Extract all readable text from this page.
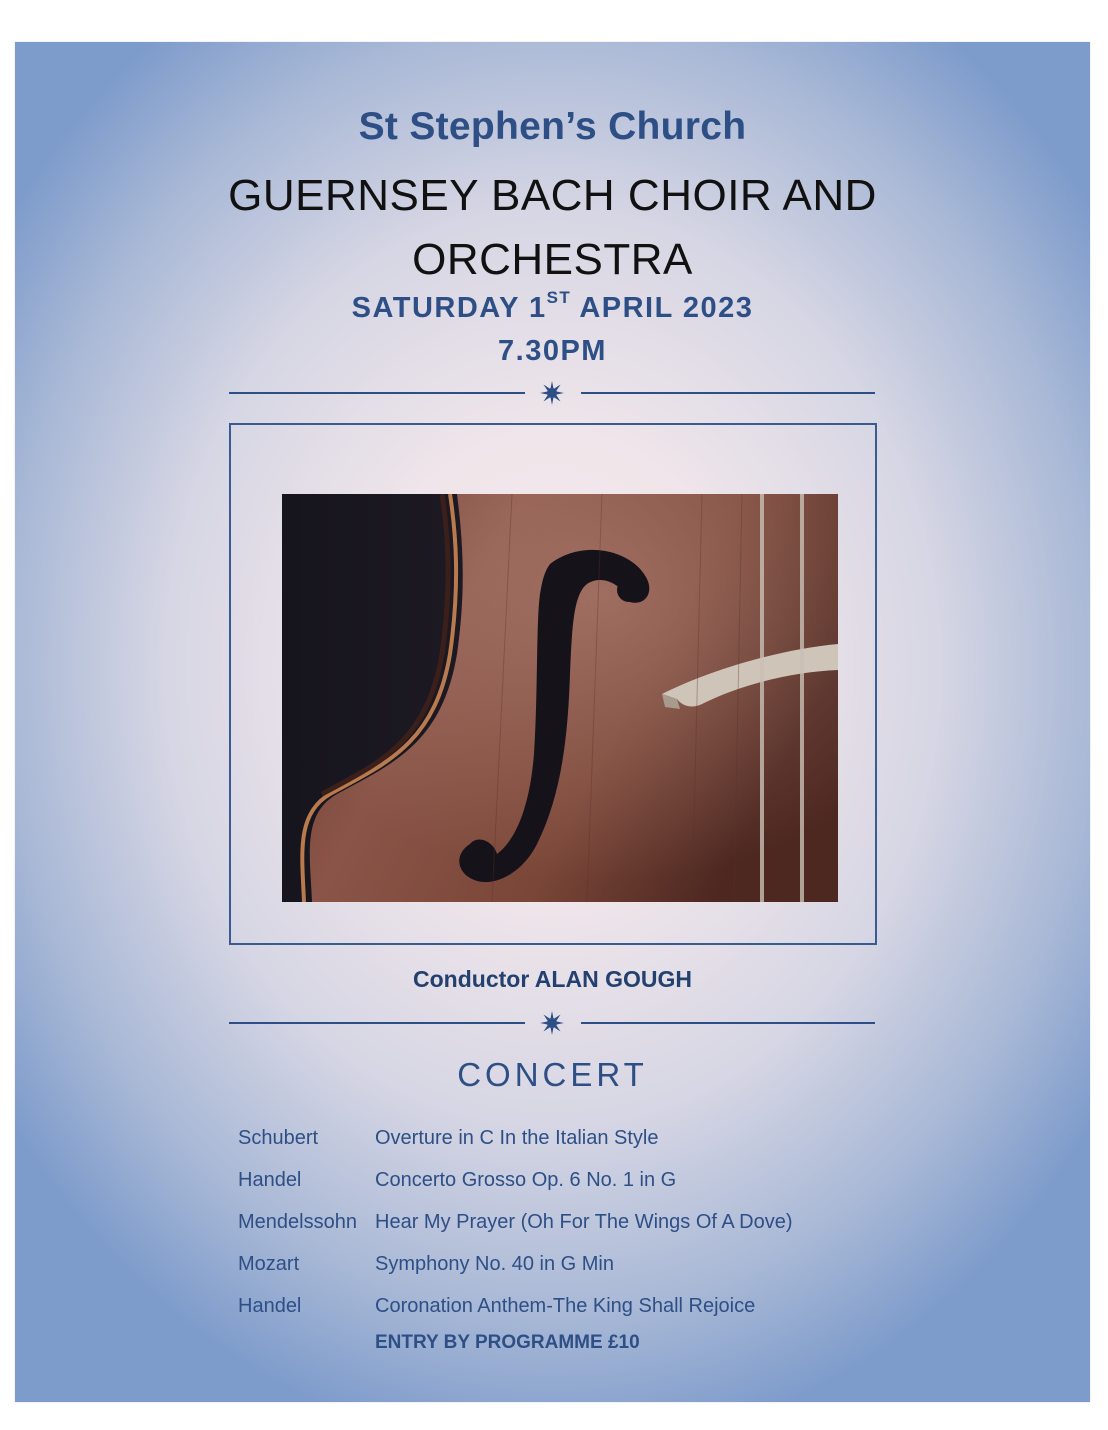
St Stephen’s Church
GUERNSEY BACH CHOIR AND ORCHESTRA
SATURDAY 1ST APRIL 2023
7.30PM
Conductor ALAN GOUGH
CONCERT
Schubert	Overture in C In the Italian Style
Handel	Concerto Grosso Op. 6 No. 1 in G
Mendelssohn Hear My Prayer (Oh For The Wings Of A Dove)
Mozart	Symphony No. 40 in G Min
Handel	Coronation Anthem-The King Shall Rejoice
ENTRY BY PROGRAMME £10
